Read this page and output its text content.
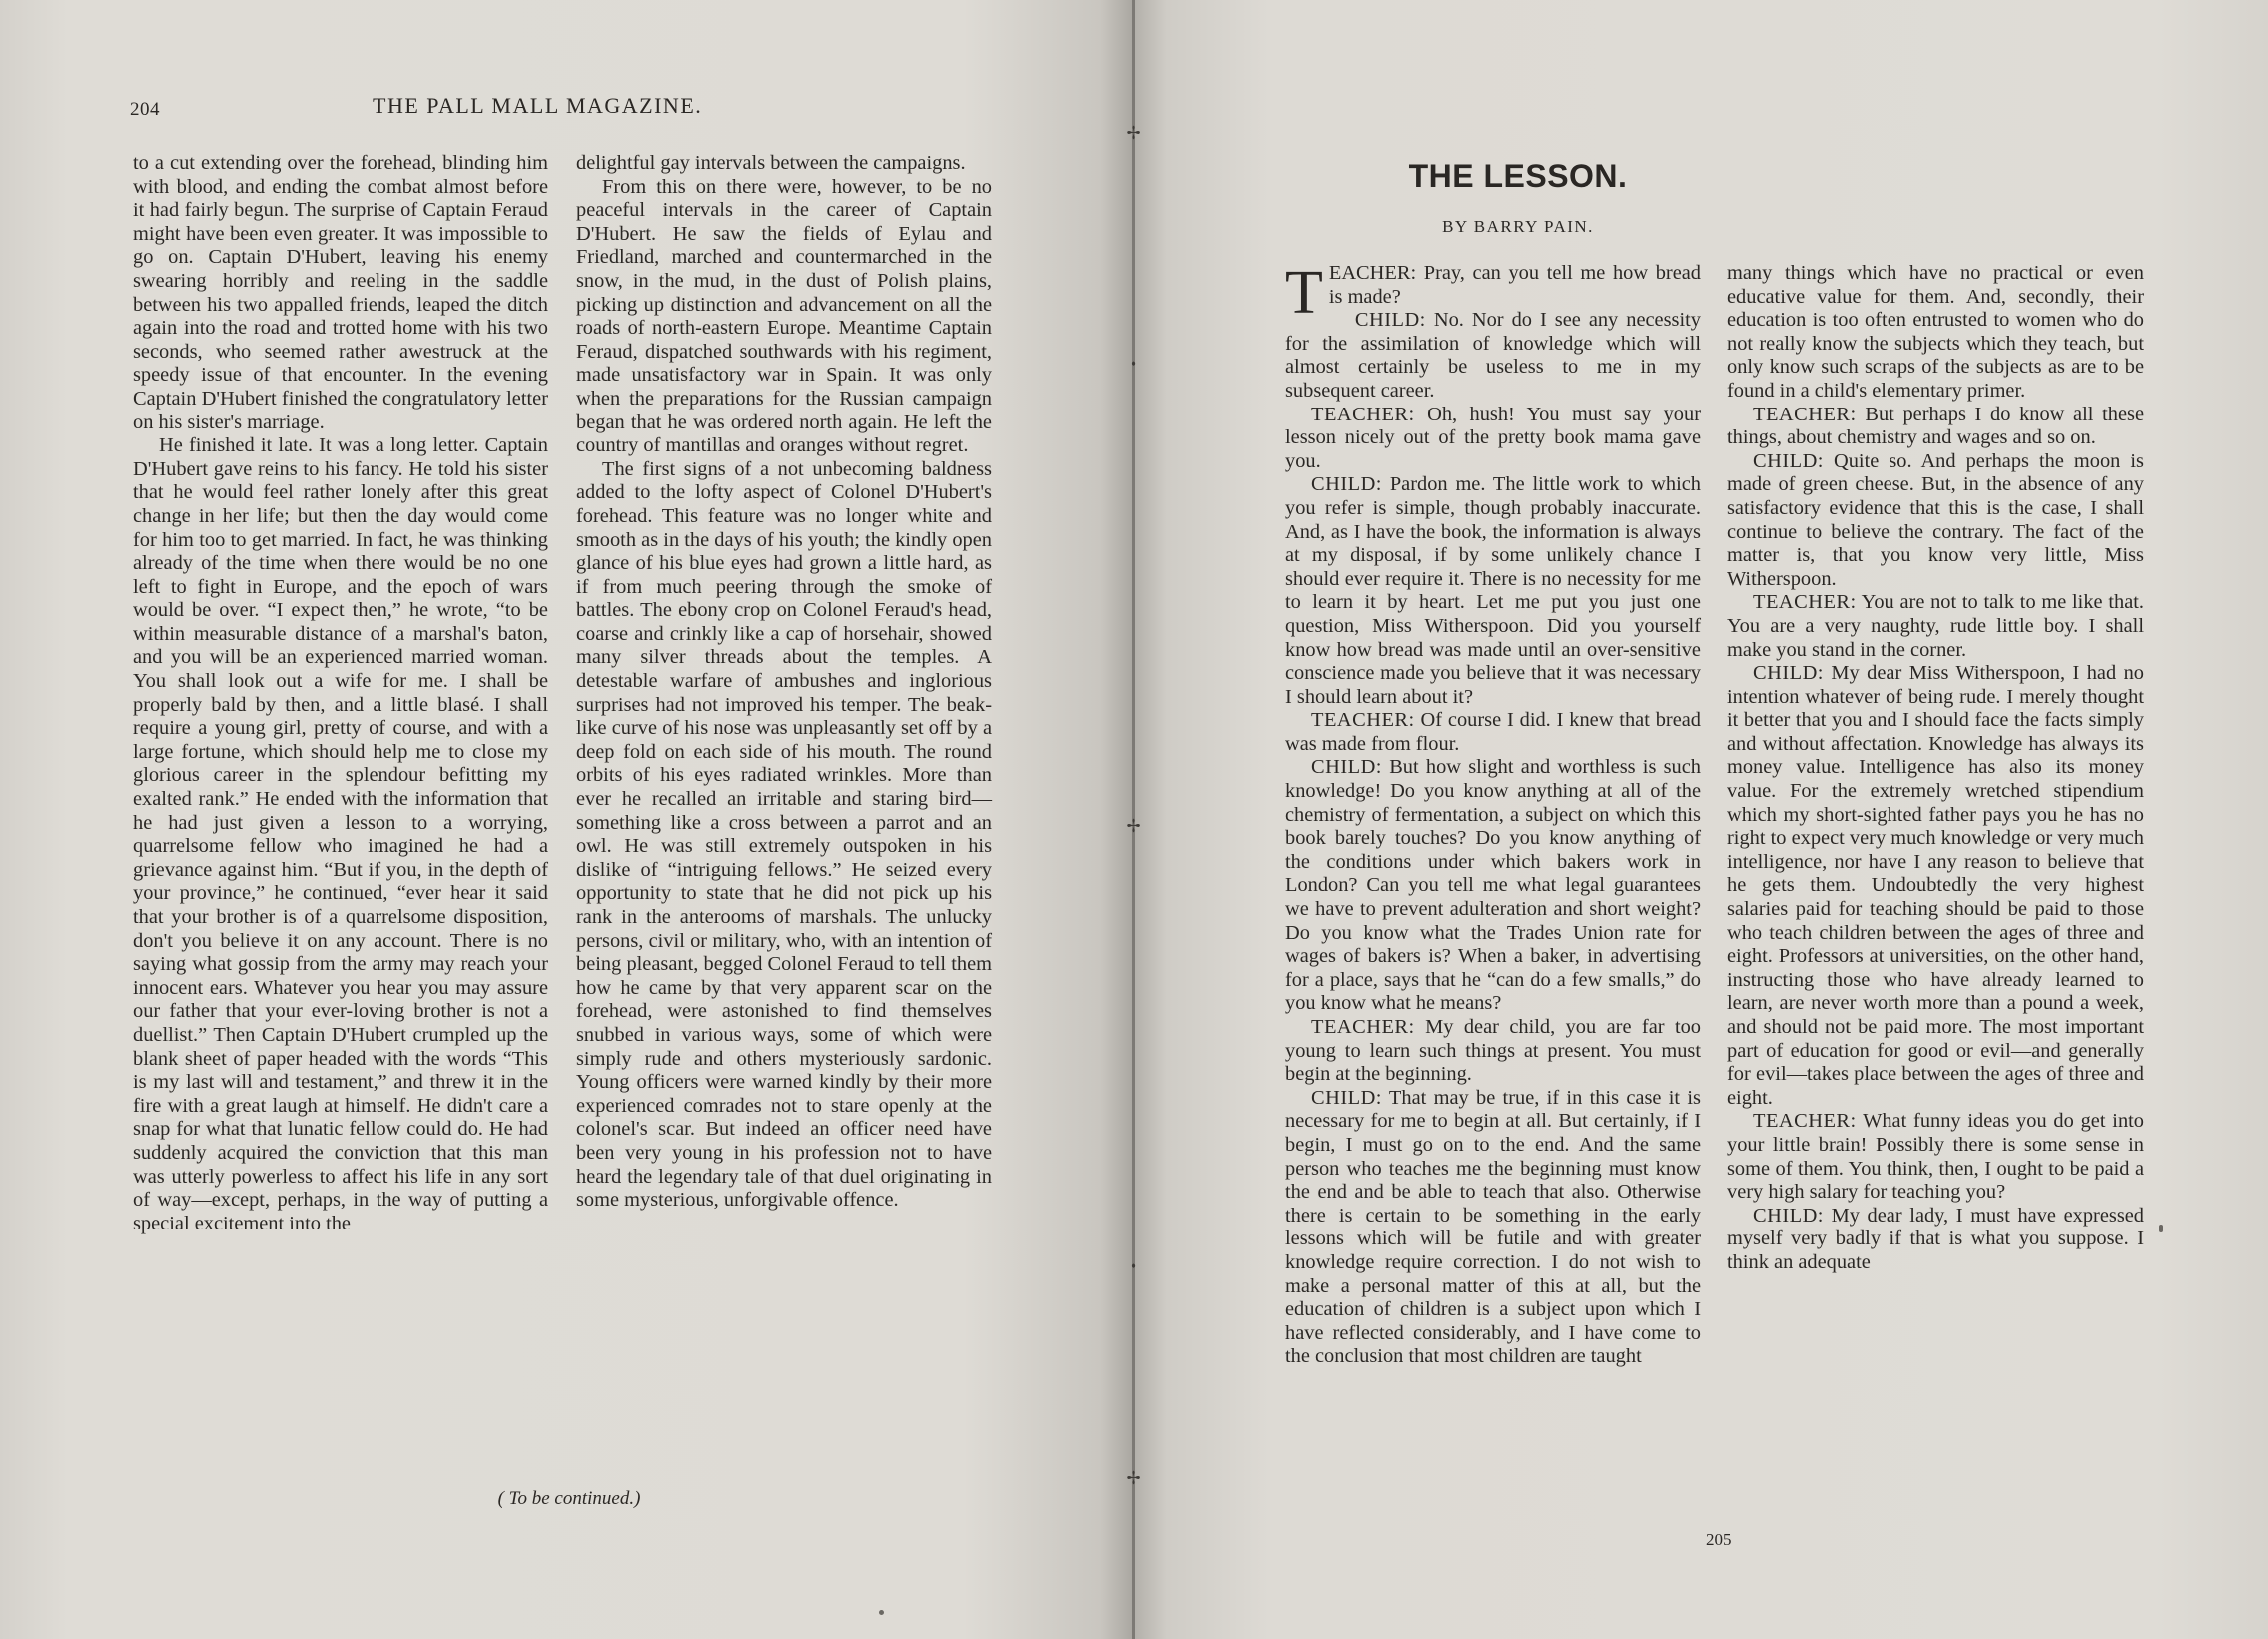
204	THE PALL MALL MAGAZINE.

to a cut extending over the forehead, blinding him with blood, and ending the combat almost before it had fairly begun. The surprise of Captain Feraud might have been even greater. It was impossible to go on. Captain D'Hubert, leaving his enemy swearing horribly and reeling in the saddle between his two appalled friends, leaped the ditch again into the road and trotted home with his two seconds, who seemed rather awestruck at the speedy issue of that encounter. In the evening Captain D'Hubert finished the congratulatory letter on his sister's marriage.

He finished it late. It was a long letter. Captain D'Hubert gave reins to his fancy. He told his sister that he would feel rather lonely after this great change in her life; but then the day would come for him too to get married. In fact, he was thinking already of the time when there would be no one left to fight in Europe, and the epoch of wars would be over. “I expect then,” he wrote, “to be within measurable distance of a marshal's baton, and you will be an experienced married woman. You shall look out a wife for me. I shall be properly bald by then, and a little blasé. I shall require a young girl, pretty of course, and with a large fortune, which should help me to close my glorious career in the splendour befitting my exalted rank.” He ended with the information that he had just given a lesson to a worrying, quarrelsome fellow who imagined he had a grievance against him. “But if you, in the depth of your province,” he continued, “ever hear it said that your brother is of a quarrelsome disposition, don't you believe it on any account. There is no saying what gossip from the army may reach your innocent ears. Whatever you hear you may assure our father that your ever-loving brother is not a duellist.” Then Captain D'Hubert crumpled up the blank sheet of paper headed with the words “This is my last will and testament,” and threw it in the fire with a great laugh at himself. He didn't care a snap for what that lunatic fellow could do. He had suddenly acquired the conviction that this man was utterly powerless to affect his life in any sort of way—except, perhaps, in the way of putting a special excitement into the

delightful gay intervals between the campaigns.

From this on there were, however, to be no peaceful intervals in the career of Captain D'Hubert. He saw the fields of Eylau and Friedland, marched and countermarched in the snow, in the mud, in the dust of Polish plains, picking up distinction and advancement on all the roads of north-eastern Europe. Meantime Captain Feraud, dispatched southwards with his regiment, made unsatisfactory war in Spain. It was only when the preparations for the Russian campaign began that he was ordered north again. He left the country of mantillas and oranges without regret.

The first signs of a not unbecoming baldness added to the lofty aspect of Colonel D'Hubert's forehead. This feature was no longer white and smooth as in the days of his youth; the kindly open glance of his blue eyes had grown a little hard, as if from much peering through the smoke of battles. The ebony crop on Colonel Feraud's head, coarse and crinkly like a cap of horsehair, showed many silver threads about the temples. A detestable warfare of ambushes and inglorious surprises had not improved his temper. The beak-like curve of his nose was unpleasantly set off by a deep fold on each side of his mouth. The round orbits of his eyes radiated wrinkles. More than ever he recalled an irritable and staring bird—something like a cross between a parrot and an owl. He was still extremely outspoken in his dislike of “intriguing fellows.” He seized every opportunity to state that he did not pick up his rank in the anterooms of marshals. The unlucky persons, civil or military, who, with an intention of being pleasant, begged Colonel Feraud to tell them how he came by that very apparent scar on the forehead, were astonished to find themselves snubbed in various ways, some of which were simply rude and others mysteriously sardonic. Young officers were warned kindly by their more experienced comrades not to stare openly at the colonel's scar. But indeed an officer need have been very young in his profession not to have heard the legendary tale of that duel originating in some mysterious, unforgivable offence.

( To be continued.)
✢
•
✢
•
✢
THE LESSON.
BY BARRY PAIN.

TEACHER: Pray, can you tell me how bread is made?

CHILD: No. Nor do I see any necessity for the assimilation of knowledge which will almost certainly be useless to me in my subsequent career.

TEACHER: Oh, hush! You must say your lesson nicely out of the pretty book mama gave you.

CHILD: Pardon me. The little work to which you refer is simple, though probably inaccurate. And, as I have the book, the information is always at my disposal, if by some unlikely chance I should ever require it. There is no necessity for me to learn it by heart. Let me put you just one question, Miss Witherspoon. Did you yourself know how bread was made until an over-sensitive conscience made you believe that it was necessary I should learn about it?

TEACHER: Of course I did. I knew that bread was made from flour.

CHILD: But how slight and worthless is such knowledge! Do you know anything at all of the chemistry of fermentation, a subject on which this book barely touches? Do you know anything of the conditions under which bakers work in London? Can you tell me what legal guarantees we have to prevent adulteration and short weight? Do you know what the Trades Union rate for wages of bakers is? When a baker, in advertising for a place, says that he “can do a few smalls,” do you know what he means?

TEACHER: My dear child, you are far too young to learn such things at present. You must begin at the beginning.

CHILD: That may be true, if in this case it is necessary for me to begin at all. But certainly, if I begin, I must go on to the end. And the same person who teaches me the beginning must know the end and be able to teach that also. Otherwise there is certain to be something in the early lessons which will be futile and with greater knowledge require correction. I do not wish to make a personal matter of this at all, but the education of children is a subject upon which I have reflected considerably, and I have come to the conclusion that most children are taught

many things which have no practical or even educative value for them. And, secondly, their education is too often entrusted to women who do not really know the subjects which they teach, but only know such scraps of the subjects as are to be found in a child's elementary primer.

TEACHER: But perhaps I do know all these things, about chemistry and wages and so on.

CHILD: Quite so. And perhaps the moon is made of green cheese. But, in the absence of any satisfactory evidence that this is the case, I shall continue to believe the contrary. The fact of the matter is, that you know very little, Miss Witherspoon.

TEACHER: You are not to talk to me like that. You are a very naughty, rude little boy. I shall make you stand in the corner.

CHILD: My dear Miss Witherspoon, I had no intention whatever of being rude. I merely thought it better that you and I should face the facts simply and without affectation. Knowledge has always its money value. Intelligence has also its money value. For the extremely wretched stipendium which my short-sighted father pays you he has no right to expect very much knowledge or very much intelligence, nor have I any reason to believe that he gets them. Undoubtedly the very highest salaries paid for teaching should be paid to those who teach children between the ages of three and eight. Professors at universities, on the other hand, instructing those who have already learned to learn, are never worth more than a pound a week, and should not be paid more. The most important part of education for good or evil—and generally for evil—takes place between the ages of three and eight.

TEACHER: What funny ideas you do get into your little brain! Possibly there is some sense in some of them. You think, then, I ought to be paid a very high salary for teaching you?

CHILD: My dear lady, I must have expressed myself very badly if that is what you suppose. I think an adequate

205
